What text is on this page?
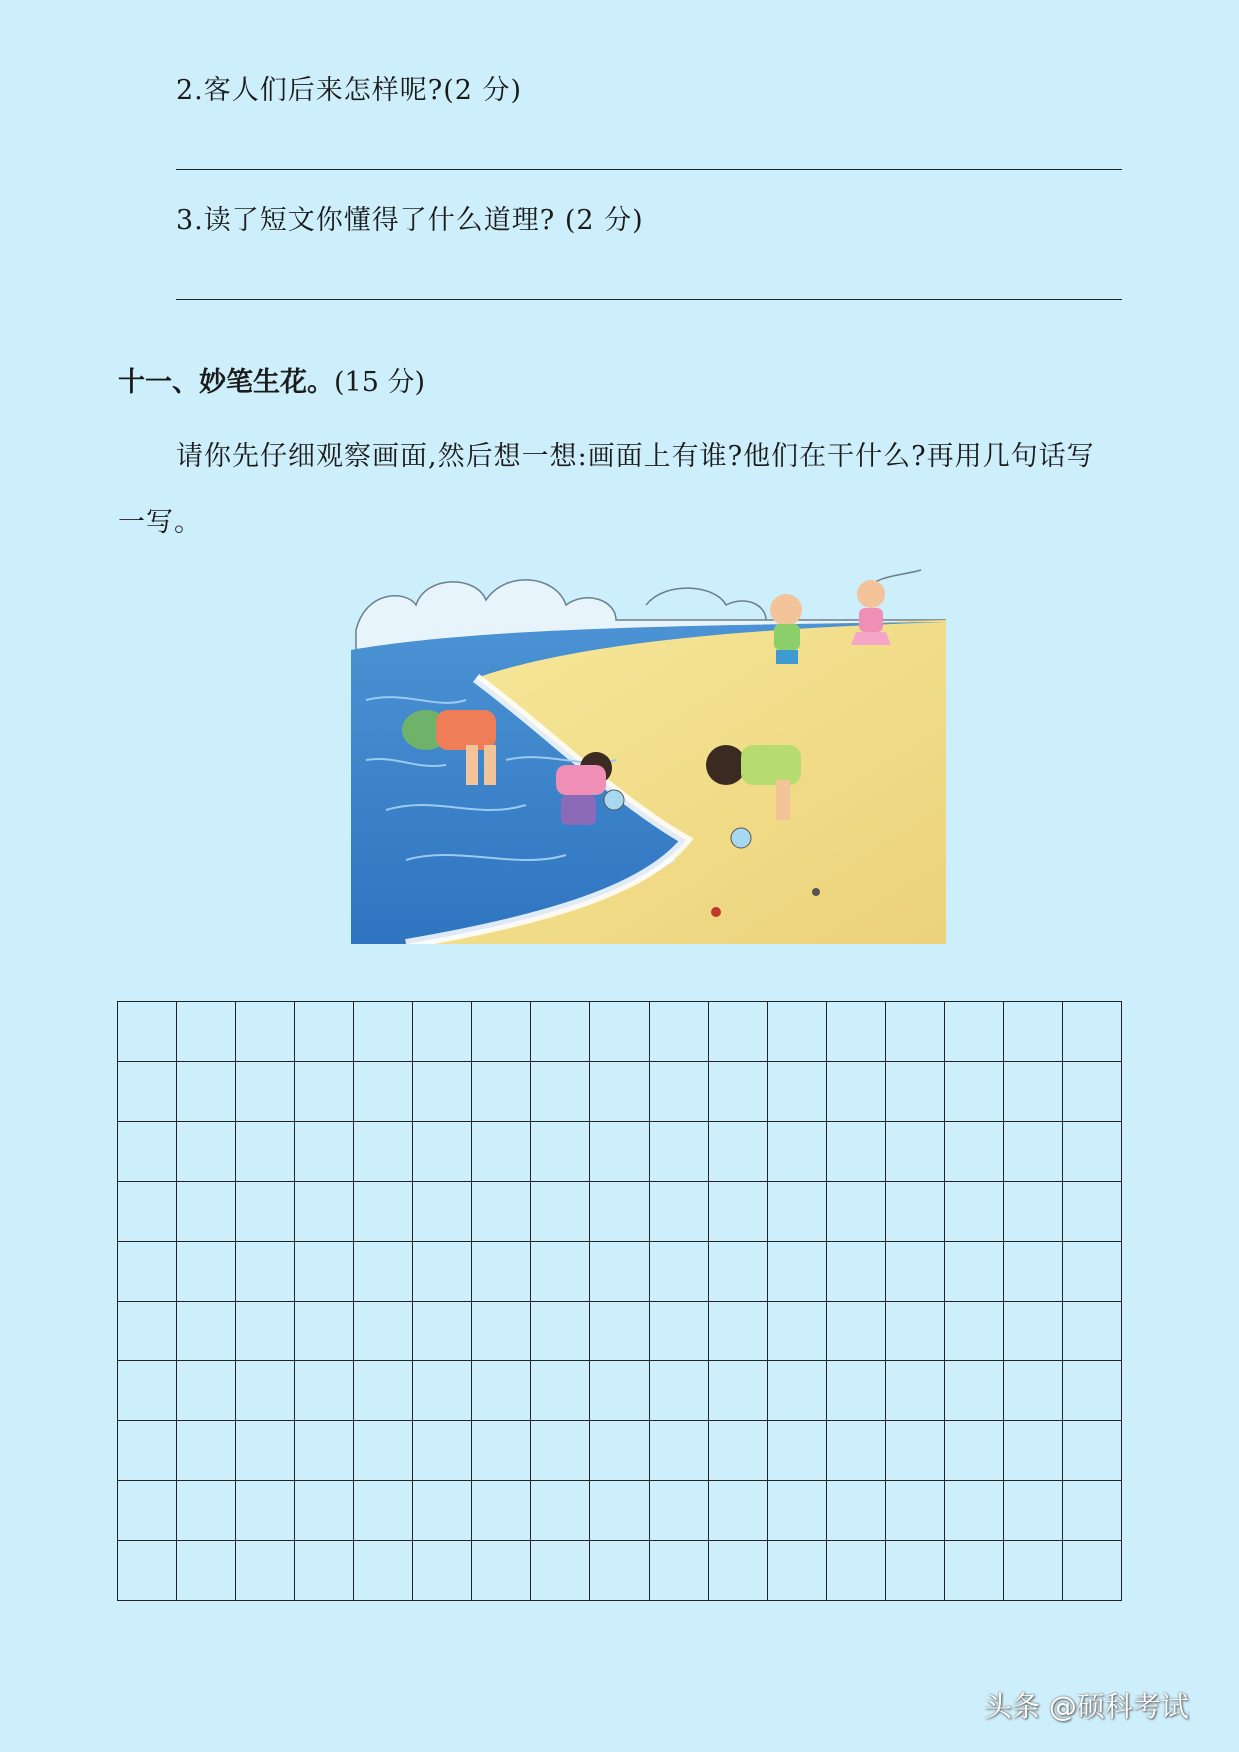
2.客人们后来怎样呢?(2 分)
3.读了短文你懂得了什么道理? (2 分)
十一、妙笔生花。(15 分)
请你先仔细观察画面,然后想一想:画面上有谁?他们在干什么?再用几句话写一写。
头条 @硕科考试
